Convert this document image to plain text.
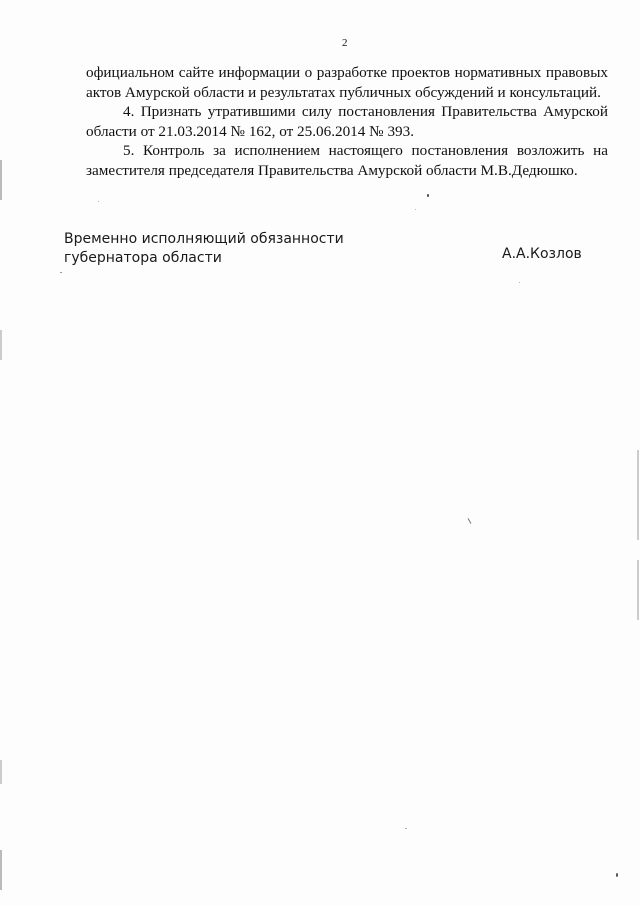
2
официальном сайте информации о разработке проектов нормативных правовых
актов Амурской области и результатах публичных обсуждений и консультаций.
4. Признать утратившими силу постановления Правительства Амурской
области от 21.03.2014 № 162, от 25.06.2014 № 393.
5. Контроль за исполнением настоящего постановления возложить на
заместителя председателя Правительства Амурской области М.В.Дедюшко.
Временно исполняющий обязанности
губернатора области	А.А.Козлов
